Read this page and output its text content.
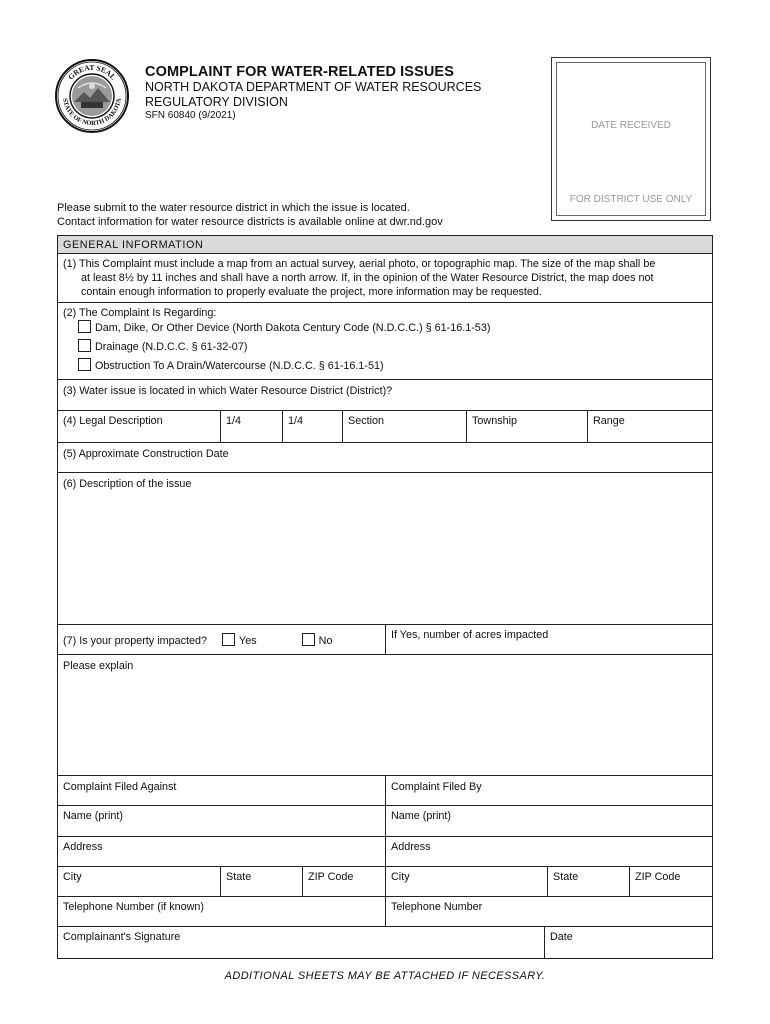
GREAT SEAL
STATE OF NORTH DAKOTA
COMPLAINT FOR WATER-RELATED ISSUES
NORTH DAKOTA DEPARTMENT OF WATER RESOURCES
REGULATORY DIVISION
SFN 60840 (9/2021)
DATE RECEIVED
FOR DISTRICT USE ONLY
Please submit to the water resource district in which the issue is located.
Contact information for water resource districts is available online at dwr.nd.gov
GENERAL INFORMATION
(1) This Complaint must include a map from an actual survey, aerial photo, or topographic map. The size of the map shall be
at least 8½ by 11 inches and shall have a north arrow. If, in the opinion of the Water Resource District, the map does not
contain enough information to properly evaluate the project, more information may be requested.
(2) The Complaint Is Regarding:
Dam, Dike, Or Other Device (North Dakota Century Code (N.D.C.C.) § 61-16.1-53)
Drainage (N.D.C.C. § 61-32-07)
Obstruction To A Drain/Watercourse (N.D.C.C. § 61-16.1-51)
(3) Water issue is located in which Water Resource District (District)?
(4) Legal Description	1/4	1/4	Section	Township	Range
(5) Approximate Construction Date
(6) Description of the issue
(7) Is your property impacted?	Yes	No	If Yes, number of acres impacted
Please explain
Complaint Filed Against	Complaint Filed By
Name (print)	Name (print)
Address	Address
City	State	ZIP Code	City	State	ZIP Code
Telephone Number (if known)	Telephone Number
Complainant's Signature	Date
ADDITIONAL SHEETS MAY BE ATTACHED IF NECESSARY.
